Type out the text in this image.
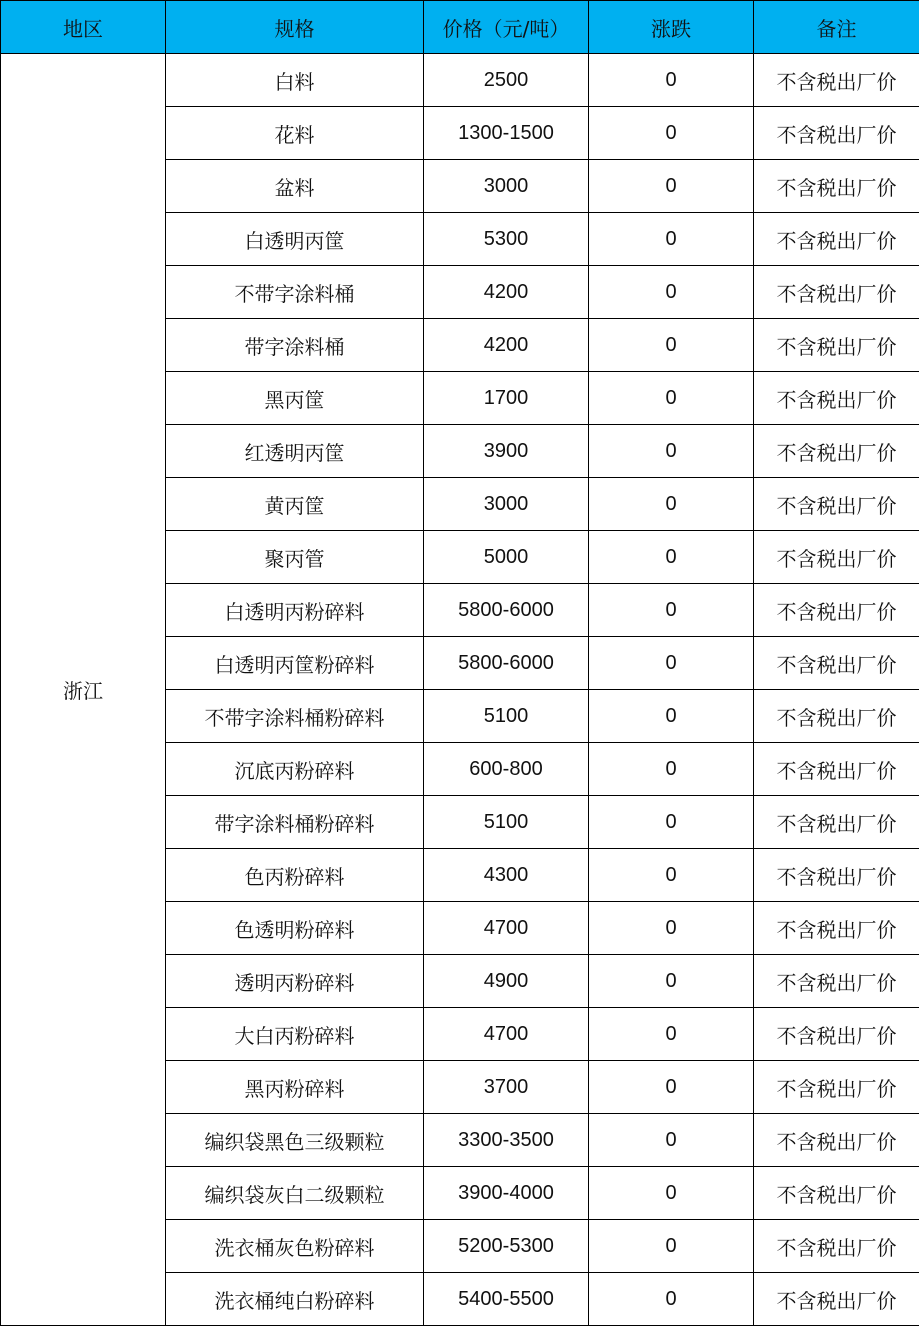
地区	规格	价格（元/吨）	涨跌	备注
浙江	白料	2500	0	不含税出厂价
	花料	1300-1500	0	不含税出厂价
	盆料	3000	0	不含税出厂价
	白透明丙筐	5300	0	不含税出厂价
	不带字涂料桶	4200	0	不含税出厂价
	带字涂料桶	4200	0	不含税出厂价
	黑丙筐	1700	0	不含税出厂价
	红透明丙筐	3900	0	不含税出厂价
	黄丙筐	3000	0	不含税出厂价
	聚丙管	5000	0	不含税出厂价
	白透明丙粉碎料	5800-6000	0	不含税出厂价
	白透明丙筐粉碎料	5800-6000	0	不含税出厂价
	不带字涂料桶粉碎料	5100	0	不含税出厂价
	沉底丙粉碎料	600-800	0	不含税出厂价
	带字涂料桶粉碎料	5100	0	不含税出厂价
	色丙粉碎料	4300	0	不含税出厂价
	色透明粉碎料	4700	0	不含税出厂价
	透明丙粉碎料	4900	0	不含税出厂价
	大白丙粉碎料	4700	0	不含税出厂价
	黑丙粉碎料	3700	0	不含税出厂价
	编织袋黑色三级颗粒	3300-3500	0	不含税出厂价
	编织袋灰白二级颗粒	3900-4000	0	不含税出厂价
	洗衣桶灰色粉碎料	5200-5300	0	不含税出厂价
	洗衣桶纯白粉碎料	5400-5500	0	不含税出厂价
